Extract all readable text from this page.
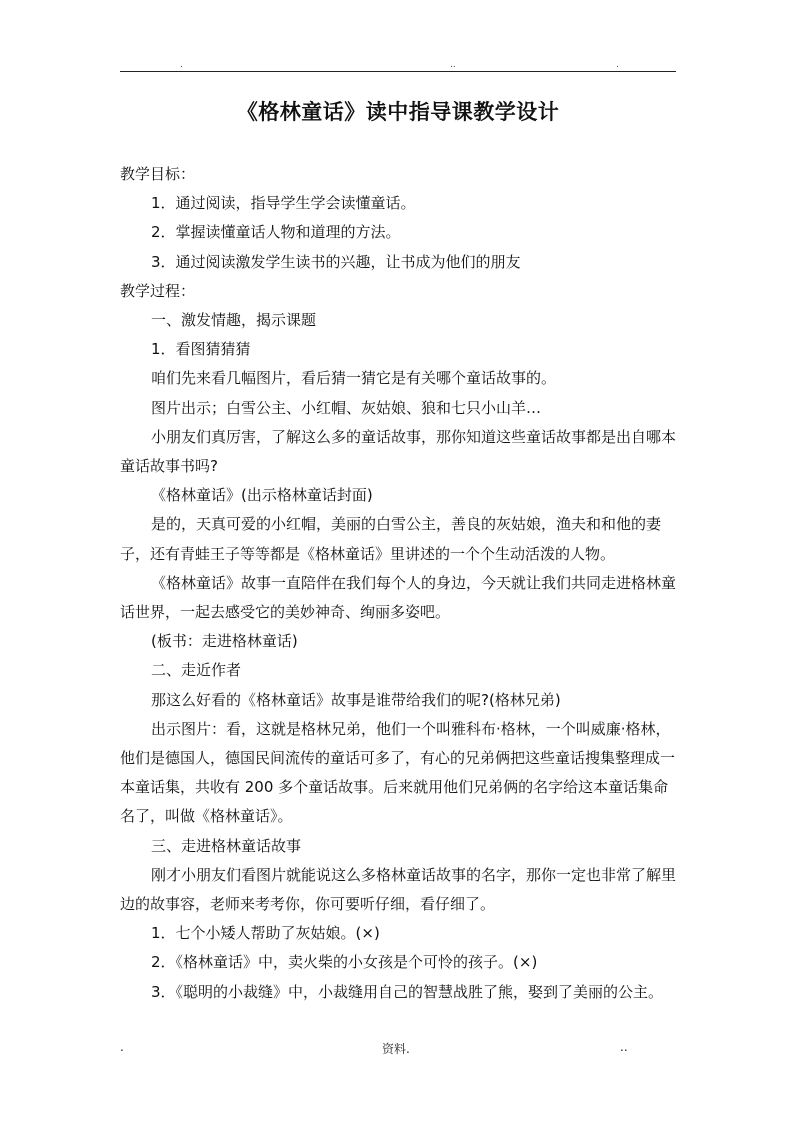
.	..	.
《格林童话》读中指导课教学设计

教学目标：

1．通过阅读，指导学生学会读懂童话。

2．掌握读懂童话人物和道理的方法。

3．通过阅读激发学生读书的兴趣，让书成为他们的朋友

教学过程：

一、激发情趣，揭示课题

1．看图猜猜猜

咱们先来看几幅图片，看后猜一猜它是有关哪个童话故事的。

图片出示；白雪公主、小红帽、灰姑娘、狼和七只小山羊…

小朋友们真厉害，了解这么多的童话故事，那你知道这些童话故事都是出自哪本童话故事书吗?

《格林童话》(出示格林童话封面)

是的，天真可爱的小红帽，美丽的白雪公主，善良的灰姑娘，渔夫和和他的妻子，还有青蛙王子等等都是《格林童话》里讲述的一个个生动活泼的人物。

《格林童话》故事一直陪伴在我们每个人的身边，今天就让我们共同走进格林童话世界，一起去感受它的美妙神奇、绚丽多姿吧。

(板书：走进格林童话)

二、走近作者

那这么好看的《格林童话》故事是谁带给我们的呢?(格林兄弟)

出示图片：看，这就是格林兄弟，他们一个叫雅科布·格林，一个叫威廉·格林，他们是德国人，德国民间流传的童话可多了，有心的兄弟俩把这些童话搜集整理成一本童话集，共收有 200 多个童话故事。后来就用他们兄弟俩的名字给这本童话集命名了，叫做《格林童话》。

三、走进格林童话故事

刚才小朋友们看图片就能说这么多格林童话故事的名字，那你一定也非常了解里边的故事容，老师来考考你，你可要听仔细，看仔细了。

1．七个小矮人帮助了灰姑娘。(×)

2．《格林童话》中，卖火柴的小女孩是个可怜的孩子。(×)

3．《聪明的小裁缝》中，小裁缝用自己的智慧战胜了熊，娶到了美丽的公主。

.	资料.	..
